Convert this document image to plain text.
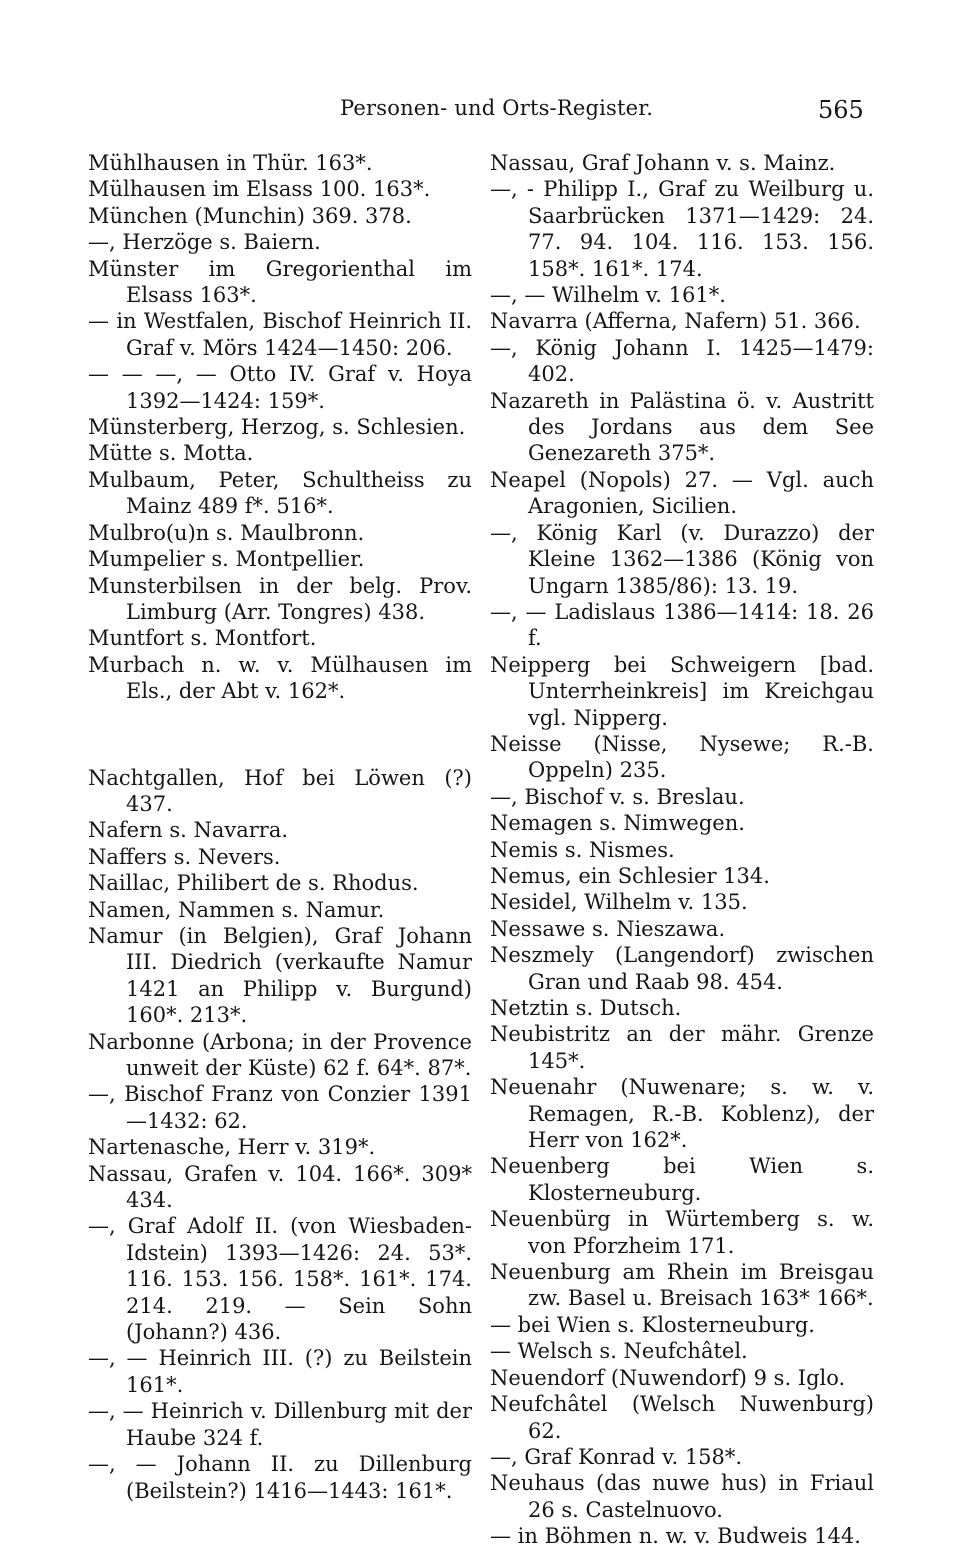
Personen- und Orts-Register.	565

Mühlhausen in Thür. 163*.

Mülhausen im Elsass 100. 163*.

München (Munchin) 369. 378.

—, Herzöge s. Baiern.

Münster im Gregorienthal im Elsass 163*.

— in Westfalen, Bischof Heinrich II. Graf v. Mörs 1424—1450: 206.

— — —, — Otto IV. Graf v. Hoya 1392—1424: 159*.

Münsterberg, Herzog, s. Schlesien.

Mütte s. Motta.

Mulbaum, Peter, Schultheiss zu Mainz 489 f*. 516*.

Mulbro(u)n s. Maulbronn.

Mumpelier s. Montpellier.

Munsterbilsen in der belg. Prov. Limburg (Arr. Tongres) 438.

Muntfort s. Montfort.

Murbach n. w. v. Mülhausen im Els., der Abt v. 162*.

Nachtgallen, Hof bei Löwen (?) 437.

Nafern s. Navarra.

Naffers s. Nevers.

Naillac, Philibert de s. Rhodus.

Namen, Nammen s. Namur.

Namur (in Belgien), Graf Johann III. Diedrich (verkaufte Namur 1421 an Philipp v. Burgund) 160*. 213*.

Narbonne (Arbona; in der Provence unweit der Küste) 62 f. 64*. 87*.

—, Bischof Franz von Conzier 1391 —1432: 62.

Nartenasche, Herr v. 319*.

Nassau, Grafen v. 104. 166*. 309* 434.

—, Graf Adolf II. (von Wiesbaden-Idstein) 1393—1426: 24. 53*. 116. 153. 156. 158*. 161*. 174. 214. 219. — Sein Sohn (Johann?) 436.

—, — Heinrich III. (?) zu Beilstein 161*.

—, — Heinrich v. Dillenburg mit der Haube 324 f.

—, — Johann II. zu Dillenburg (Beilstein?) 1416—1443: 161*.

Nassau, Graf Johann v. s. Mainz.

—, - Philipp I., Graf zu Weilburg u. Saarbrücken 1371—1429: 24. 77. 94. 104. 116. 153. 156. 158*. 161*. 174.

—, — Wilhelm v. 161*.

Navarra (Afferna, Nafern) 51. 366.

—, König Johann I. 1425—1479: 402.

Nazareth in Palästina ö. v. Austritt des Jordans aus dem See Genezareth 375*.

Neapel (Nopols) 27. — Vgl. auch Aragonien, Sicilien.

—, König Karl (v. Durazzo) der Kleine 1362—1386 (König von Ungarn 1385/86): 13. 19.

—, — Ladislaus 1386—1414: 18. 26 f.

Neipperg bei Schweigern [bad. Unterrheinkreis] im Kreichgau vgl. Nipperg.

Neisse (Nisse, Nysewe; R.-B. Oppeln) 235.

—, Bischof v. s. Breslau.

Nemagen s. Nimwegen.

Nemis s. Nismes.

Nemus, ein Schlesier 134.

Nesidel, Wilhelm v. 135.

Nessawe s. Nieszawa.

Neszmely (Langendorf) zwischen Gran und Raab 98. 454.

Netztin s. Dutsch.

Neubistritz an der mähr. Grenze 145*.

Neuenahr (Nuwenare; s. w. v. Remagen, R.-B. Koblenz), der Herr von 162*.

Neuenberg bei Wien s. Klosterneuburg.

Neuenbürg in Würtemberg s. w. von Pforzheim 171.

Neuenburg am Rhein im Breisgau zw. Basel u. Breisach 163* 166*.

— bei Wien s. Klosterneuburg.

— Welsch s. Neufchâtel.

Neuendorf (Nuwendorf) 9 s. Iglo.

Neufchâtel (Welsch Nuwenburg) 62.

—, Graf Konrad v. 158*.

Neuhaus (das nuwe hus) in Friaul 26 s. Castelnuovo.

— in Böhmen n. w. v. Budweis 144.
